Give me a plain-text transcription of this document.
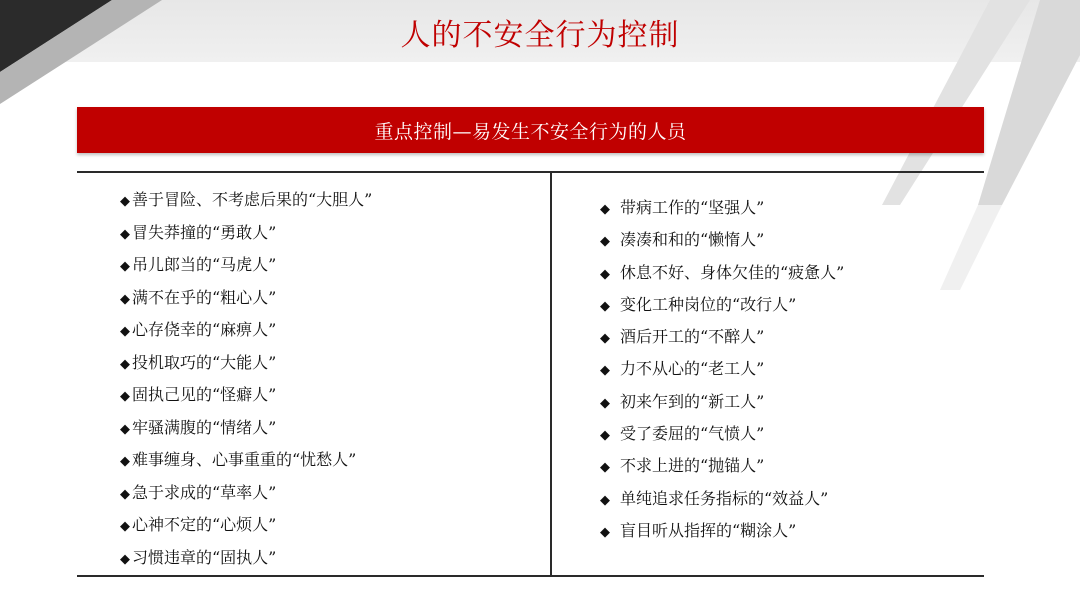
人的不安全行为控制
重点控制—易发生不安全行为的人员
◆ 善于冒险、不考虑后果的“大胆人”
◆ 冒失莽撞的“勇敢人”
◆ 吊儿郎当的“马虎人”
◆ 满不在乎的“粗心人”
◆ 心存侥幸的“麻痹人”
◆ 投机取巧的“大能人”
◆ 固执己见的“怪癖人”
◆ 牢骚满腹的“情绪人”
◆ 难事缠身、心事重重的“忧愁人”
◆ 急于求成的“草率人”
◆ 心神不定的“心烦人”
◆ 习惯违章的“固执人”
◆ 带病工作的“坚强人”
◆ 凑凑和和的“懒惰人”
◆ 休息不好、身体欠佳的“疲惫人”
◆ 变化工种岗位的“改行人”
◆ 酒后开工的“不醉人”
◆ 力不从心的“老工人”
◆ 初来乍到的“新工人”
◆ 受了委屈的“气愤人”
◆ 不求上进的“抛锚人”
◆ 单纯追求任务指标的“效益人”
◆ 盲目听从指挥的“糊涂人”
